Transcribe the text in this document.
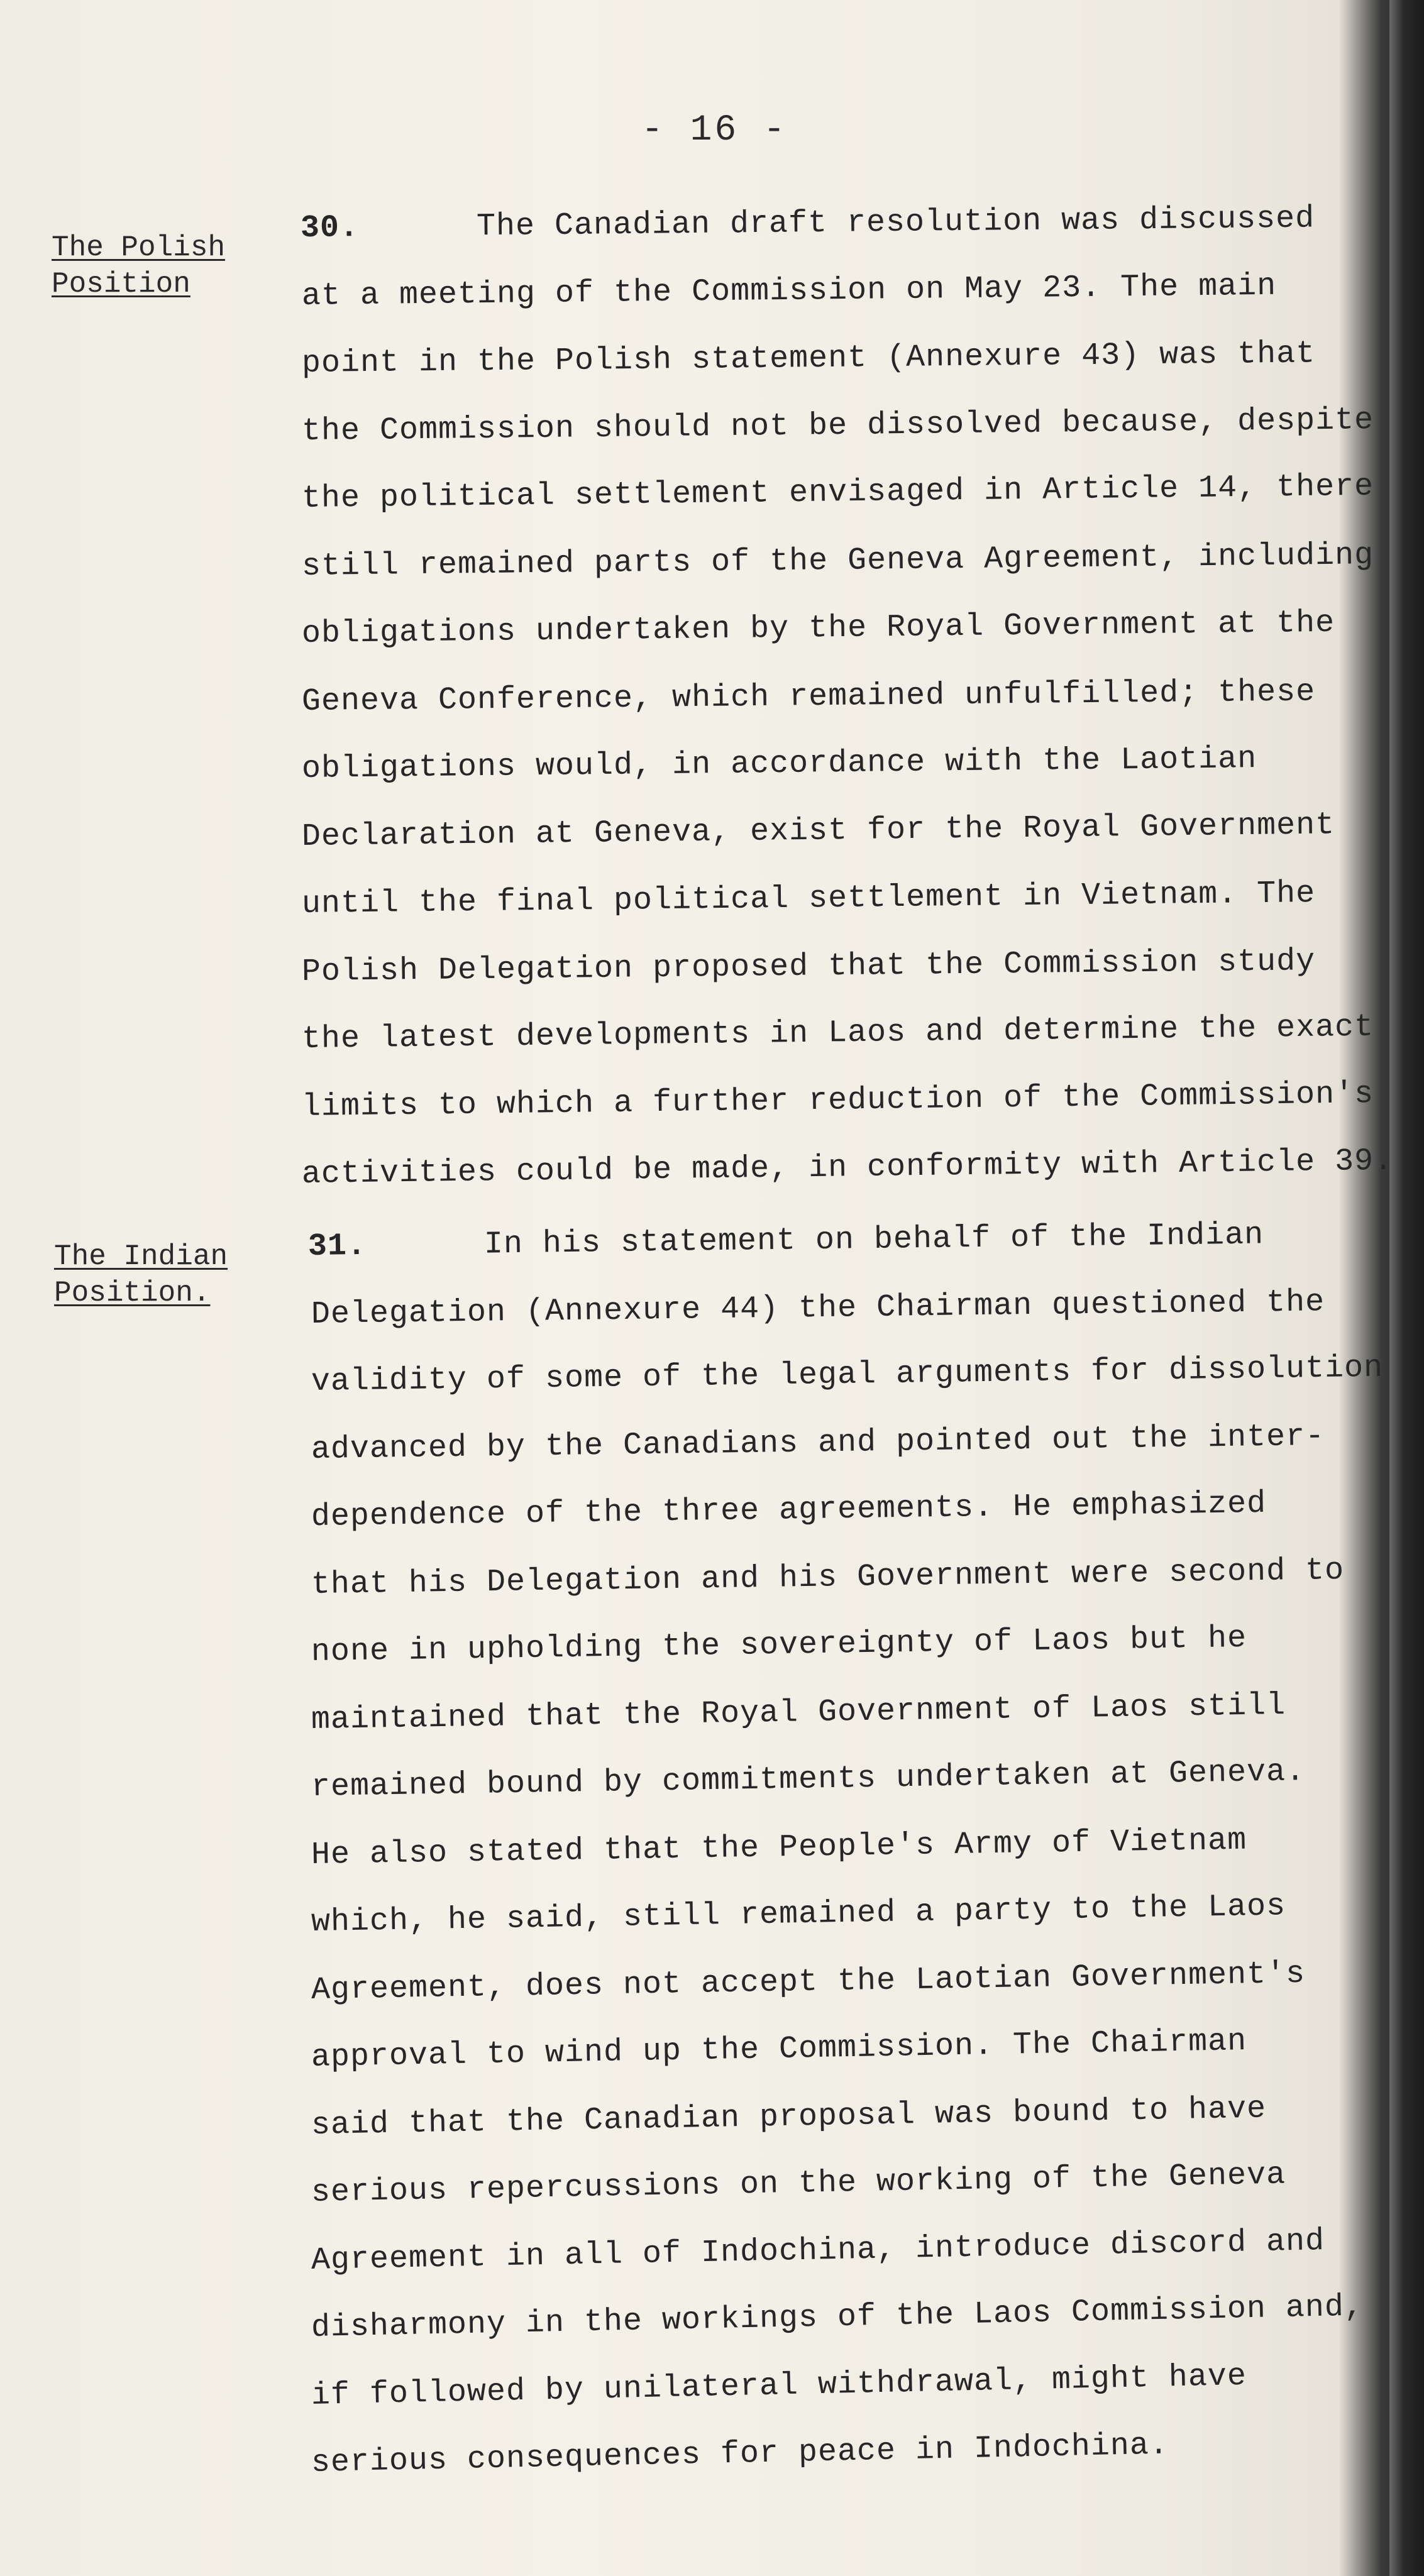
- 16 -
The Polish
Position
The Indian
Position.
30.	The Canadian draft resolution was discussed
at a meeting of the Commission on May 23. The main
point in the Polish statement (Annexure 43) was that
the Commission should not be dissolved because, despite
the political settlement envisaged in Article 14, there
still remained parts of the Geneva Agreement, including
obligations undertaken by the Royal Government at the
Geneva Conference, which remained unfulfilled; these
obligations would, in accordance with the Laotian
Declaration at Geneva, exist for the Royal Government
until the final political settlement in Vietnam. The
Polish Delegation proposed that the Commission study
the latest developments in Laos and determine the exact
limits to which a further reduction of the Commission's
activities could be made, in conformity with Article 39.
31.	In his statement on behalf of the Indian
Delegation (Annexure 44) the Chairman questioned the
validity of some of the legal arguments for dissolution
advanced by the Canadians and pointed out the inter-
dependence of the three agreements. He emphasized
that his Delegation and his Government were second to
none in upholding the sovereignty of Laos but he
maintained that the Royal Government of Laos still
remained bound by commitments undertaken at Geneva.
He also stated that the People's Army of Vietnam
which, he said, still remained a party to the Laos
Agreement, does not accept the Laotian Government's
approval to wind up the Commission. The Chairman
said that the Canadian proposal was bound to have
serious repercussions on the working of the Geneva
Agreement in all of Indochina, introduce discord and
disharmony in the workings of the Laos Commission and,
if followed by unilateral withdrawal, might have
serious consequences for peace in Indochina.
